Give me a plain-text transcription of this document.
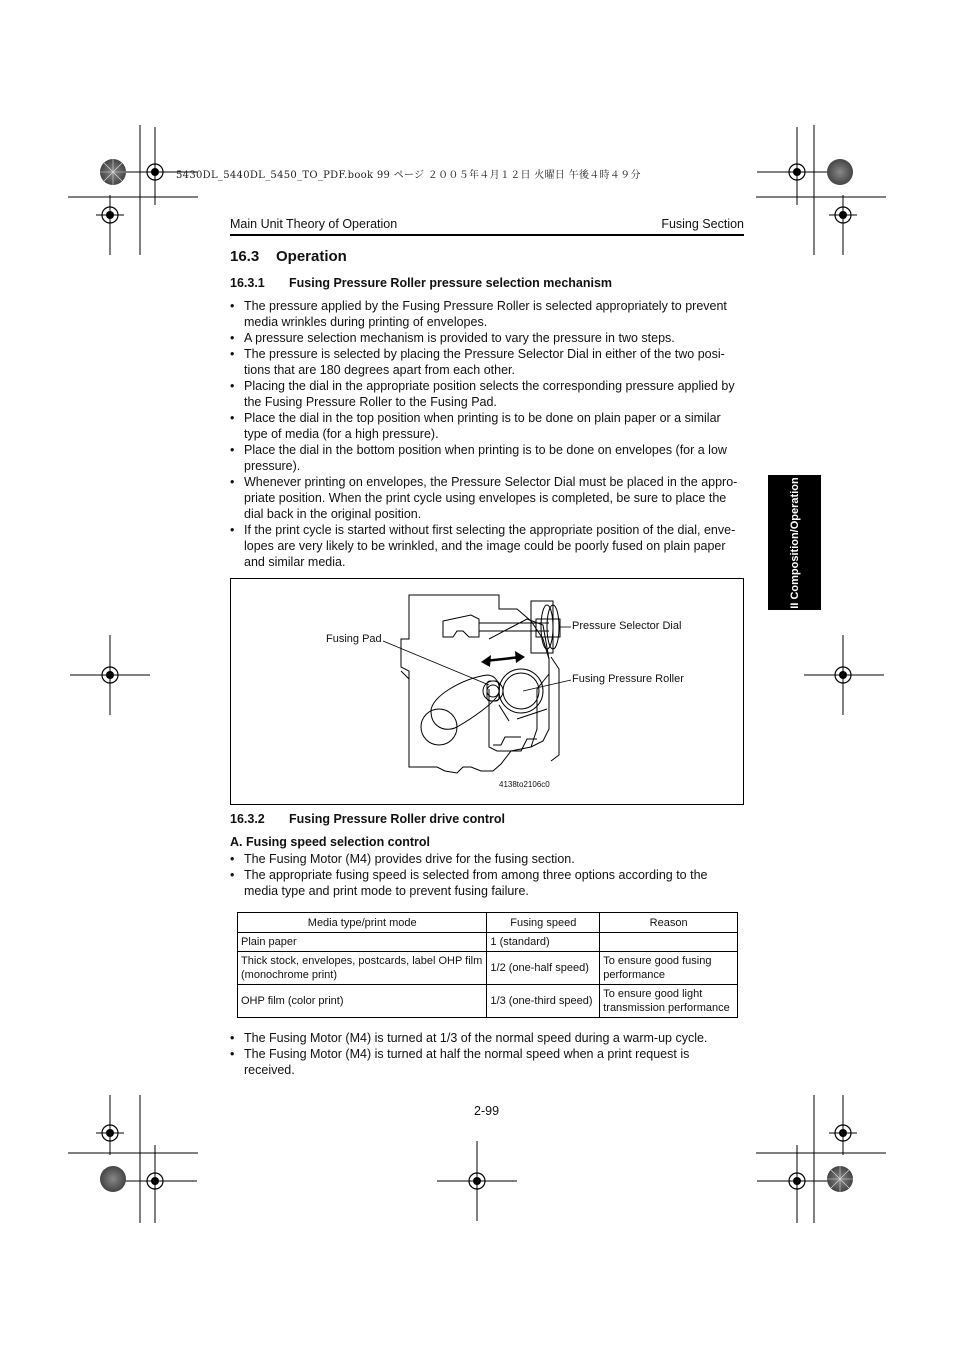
5430DL_5440DL_5450_TO_PDF.book 99 ページ ２００５年４月１２日 火曜日 午後４時４９分
Main Unit Theory of Operation	Fusing Section
II Composition/Operation
16.3 Operation
16.3.1 Fusing Pressure Roller pressure selection mechanism
• The pressure applied by the Fusing Pressure Roller is selected appropriately to prevent
media wrinkles during printing of envelopes.
• A pressure selection mechanism is provided to vary the pressure in two steps.
• The pressure is selected by placing the Pressure Selector Dial in either of the two posi-
tions that are 180 degrees apart from each other.
• Placing the dial in the appropriate position selects the corresponding pressure applied by
the Fusing Pressure Roller to the Fusing Pad.
• Place the dial in the top position when printing is to be done on plain paper or a similar
type of media (for a high pressure).
• Place the dial in the bottom position when printing is to be done on envelopes (for a low
pressure).
• Whenever printing on envelopes, the Pressure Selector Dial must be placed in the appro-
priate position. When the print cycle using envelopes is completed, be sure to place the
dial back in the original position.
• If the print cycle is started without first selecting the appropriate position of the dial, enve-
lopes are very likely to be wrinkled, and the image could be poorly fused on plain paper
and similar media.
Fusing Pad
Pressure Selector Dial
Fusing Pressure Roller
4138to2106c0
16.3.2 Fusing Pressure Roller drive control
A. Fusing speed selection control
• The Fusing Motor (M4) provides drive for the fusing section.
• The appropriate fusing speed is selected from among three options according to the
media type and print mode to prevent fusing failure.
Media type/print mode	Fusing speed	Reason
Plain paper	1 (standard)	
Thick stock, envelopes, postcards, label OHP film
(monochrome print)	1/2 (one-half speed)	To ensure good fusing
performance
OHP film (color print)	1/3 (one-third speed)	To ensure good light
transmission performance
• The Fusing Motor (M4) is turned at 1/3 of the normal speed during a warm-up cycle.
• The Fusing Motor (M4) is turned at half the normal speed when a print request is
received.
2-99
